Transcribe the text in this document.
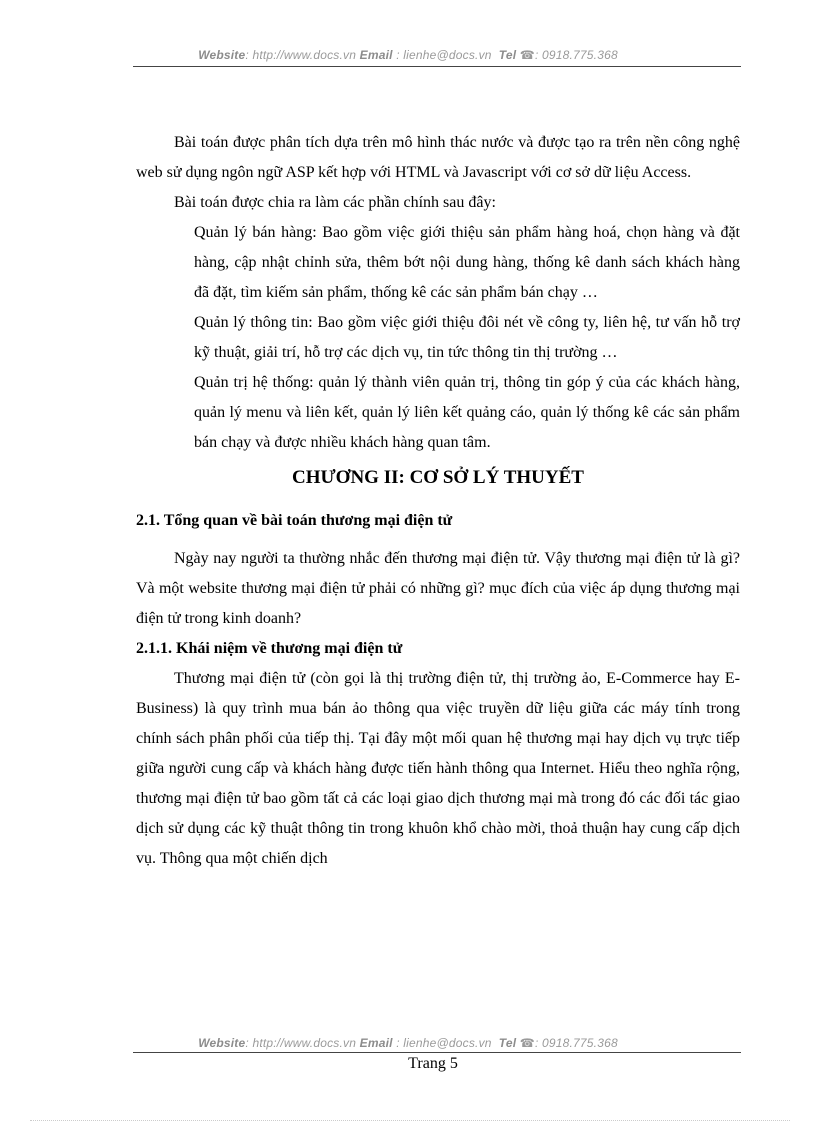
Website: http://www.docs.vn Email : lienhe@docs.vn Tel ☎: 0918.775.368

Bài toán được phân tích dựa trên mô hình thác nước và được tạo ra trên nền công nghệ web sử dụng ngôn ngữ ASP kết hợp với HTML và Javascript với cơ sở dữ liệu Access.

Bài toán được chia ra làm các phần chính sau đây:

Quản lý bán hàng: Bao gồm việc giới thiệu sản phẩm hàng hoá, chọn hàng và đặt hàng, cập nhật chỉnh sửa, thêm bớt nội dung hàng, thống kê danh sách khách hàng đã đặt, tìm kiếm sản phẩm, thống kê các sản phẩm bán chạy …

Quản lý thông tin: Bao gồm việc giới thiệu đôi nét về công ty, liên hệ, tư vấn hỗ trợ kỹ thuật, giải trí, hỗ trợ các dịch vụ, tin tức thông tin thị trường …

Quản trị hệ thống: quản lý thành viên quản trị, thông tin góp ý của các khách hàng, quản lý menu và liên kết, quản lý liên kết quảng cáo, quản lý thống kê các sản phẩm bán chạy và được nhiều khách hàng quan tâm.

CHƯƠNG II: CƠ SỞ LÝ THUYẾT
2.1. Tổng quan về bài toán thương mại điện tử

Ngày nay người ta thường nhắc đến thương mại điện tử. Vậy thương mại điện tử là gì? Và một website thương mại điện tử phải có những gì? mục đích của việc áp dụng thương mại điện tử trong kinh doanh?

2.1.1. Khái niệm về thương mại điện tử

Thương mại điện tử (còn gọi là thị trường điện tử, thị trường ảo, E-Commerce hay E-Business) là quy trình mua bán ảo thông qua việc truyền dữ liệu giữa các máy tính trong chính sách phân phối của tiếp thị. Tại đây một mối quan hệ thương mại hay dịch vụ trực tiếp giữa người cung cấp và khách hàng được tiến hành thông qua Internet. Hiểu theo nghĩa rộng, thương mại điện tử bao gồm tất cả các loại giao dịch thương mại mà trong đó các đối tác giao dịch sử dụng các kỹ thuật thông tin trong khuôn khổ chào mời, thoả thuận hay cung cấp dịch vụ. Thông qua một chiến dịch

Website: http://www.docs.vn Email : lienhe@docs.vn Tel ☎: 0918.775.368
Trang 5
